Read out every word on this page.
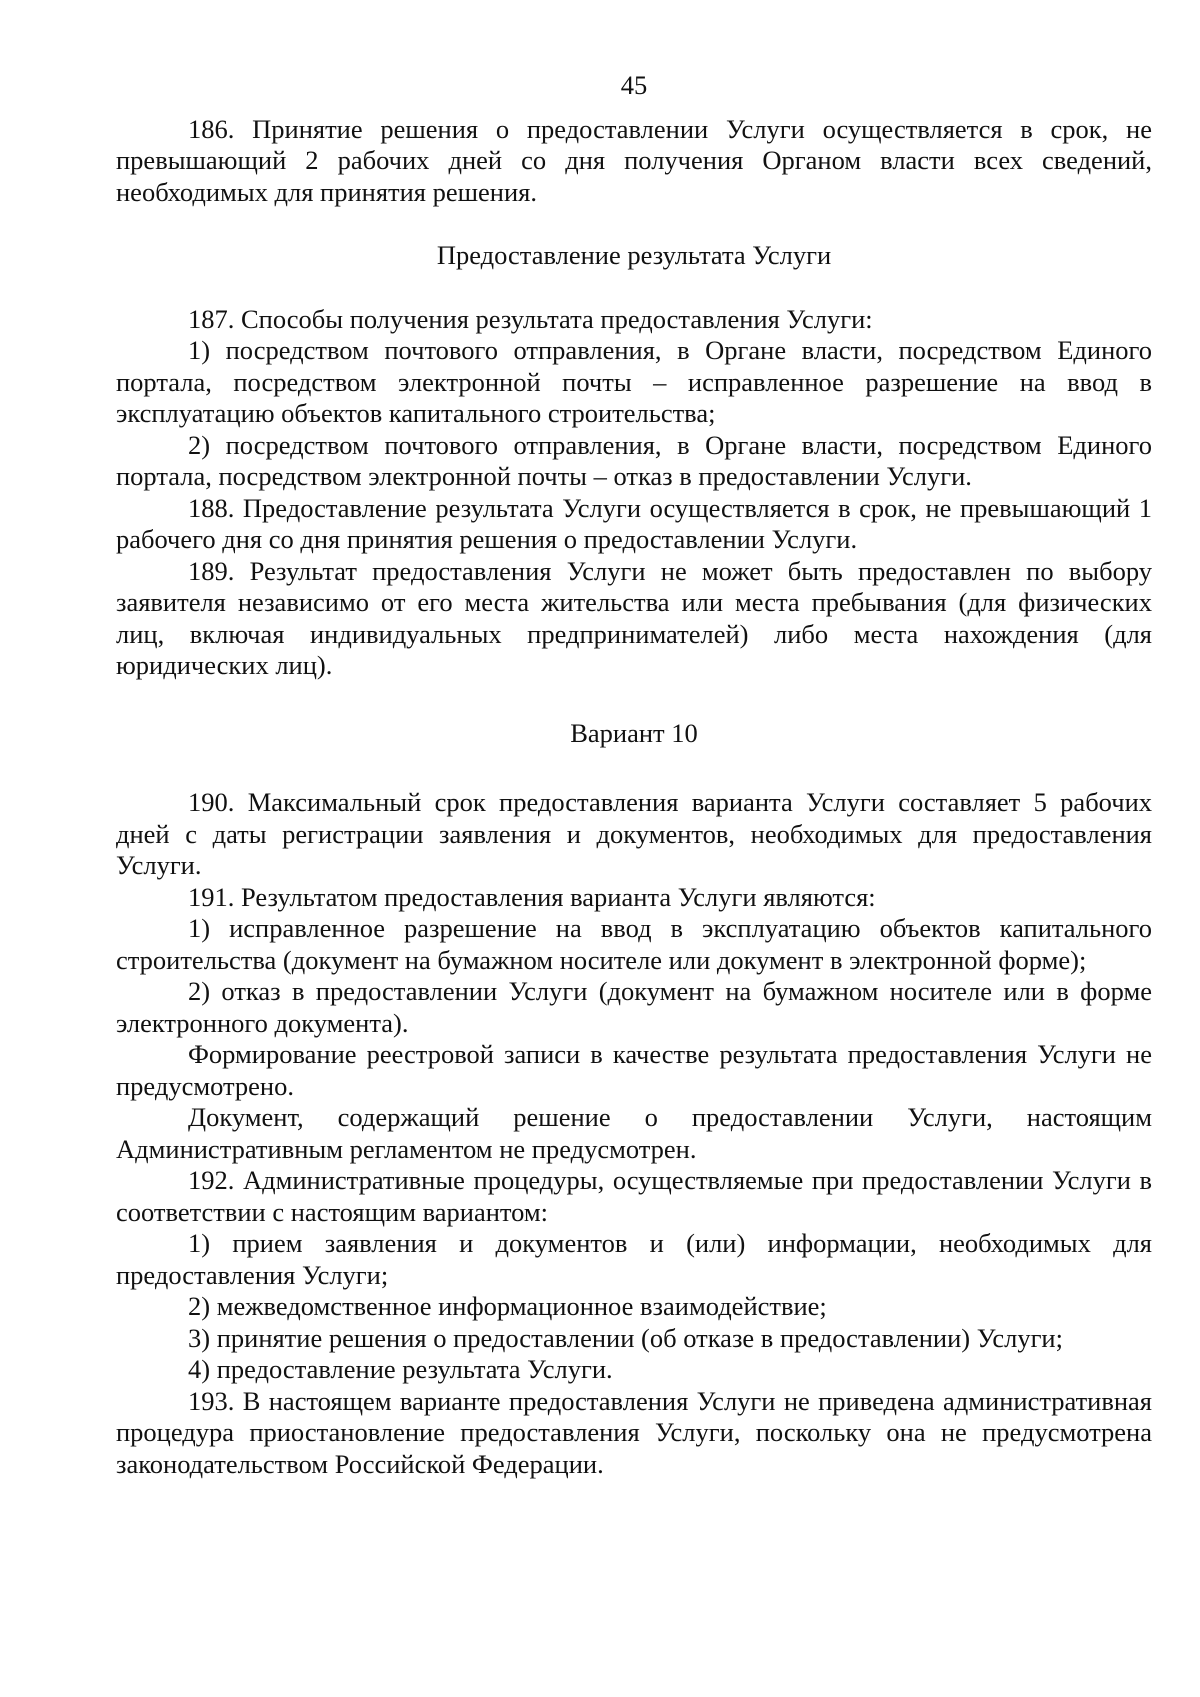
45

186. Принятие решения о предоставлении Услуги осуществляется в срок, не превышающий 2 рабочих дней со дня получения Органом власти всех сведений, необходимых для принятия решения.

Предоставление результата Услуги

187. Способы получения результата предоставления Услуги:

1) посредством почтового отправления, в Органе власти, посредством Единого портала, посредством электронной почты – исправленное разрешение на ввод в эксплуатацию объектов капитального строительства;

2) посредством почтового отправления, в Органе власти, посредством Единого портала, посредством электронной почты – отказ в предоставлении Услуги.

188. Предоставление результата Услуги осуществляется в срок, не превышающий 1 рабочего дня со дня принятия решения о предоставлении Услуги.

189. Результат предоставления Услуги не может быть предоставлен по выбору заявителя независимо от его места жительства или места пребывания (для физических лиц, включая индивидуальных предпринимателей) либо места нахождения (для юридических лиц).

Вариант 10

190. Максимальный срок предоставления варианта Услуги составляет 5 рабочих дней с даты регистрации заявления и документов, необходимых для предоставления Услуги.

191. Результатом предоставления варианта Услуги являются:

1) исправленное разрешение на ввод в эксплуатацию объектов капитального строительства (документ на бумажном носителе или документ в электронной форме);

2) отказ в предоставлении Услуги (документ на бумажном носителе или в форме электронного документа).

Формирование реестровой записи в качестве результата предоставления Услуги не предусмотрено.

Документ, содержащий решение о предоставлении Услуги, настоящим Административным регламентом не предусмотрен.

192. Административные процедуры, осуществляемые при предоставлении Услуги в соответствии с настоящим вариантом:

1) прием заявления и документов и (или) информации, необходимых для предоставления Услуги;

2) межведомственное информационное взаимодействие;

3) принятие решения о предоставлении (об отказе в предоставлении) Услуги;

4) предоставление результата Услуги.

193. В настоящем варианте предоставления Услуги не приведена административная процедура приостановление предоставления Услуги, поскольку она не предусмотрена законодательством Российской Федерации.
